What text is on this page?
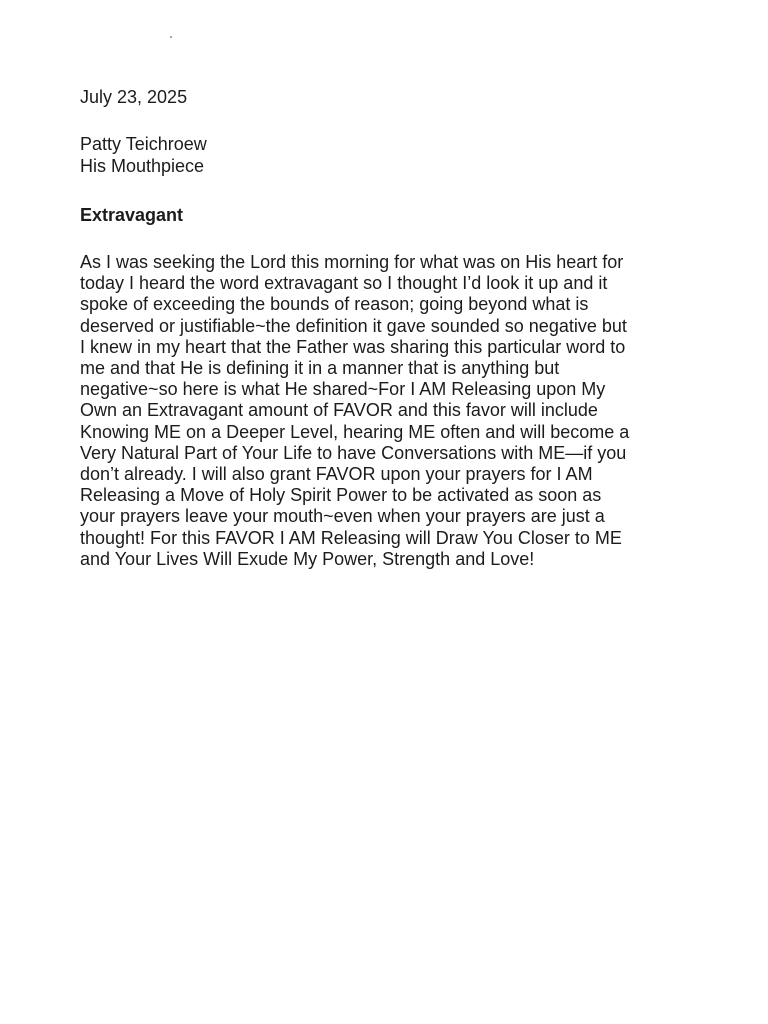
July 23, 2025
Patty Teichroew
His Mouthpiece
Extravagant
As I was seeking the Lord this morning for what was on His heart for
today I heard the word extravagant so I thought I’d look it up and it
spoke of exceeding the bounds of reason; going beyond what is
deserved or justifiable~the definition it gave sounded so negative but
I knew in my heart that the Father was sharing this particular word to
me and that He is defining it in a manner that is anything but
negative~so here is what He shared~For I AM Releasing upon My
Own an Extravagant amount of FAVOR and this favor will include
Knowing ME on a Deeper Level, hearing ME often and will become a
Very Natural Part of Your Life to have Conversations with ME—if you
don’t already. I will also grant FAVOR upon your prayers for I AM
Releasing a Move of Holy Spirit Power to be activated as soon as
your prayers leave your mouth~even when your prayers are just a
thought! For this FAVOR I AM Releasing will Draw You Closer to ME
and Your Lives Will Exude My Power, Strength and Love!
